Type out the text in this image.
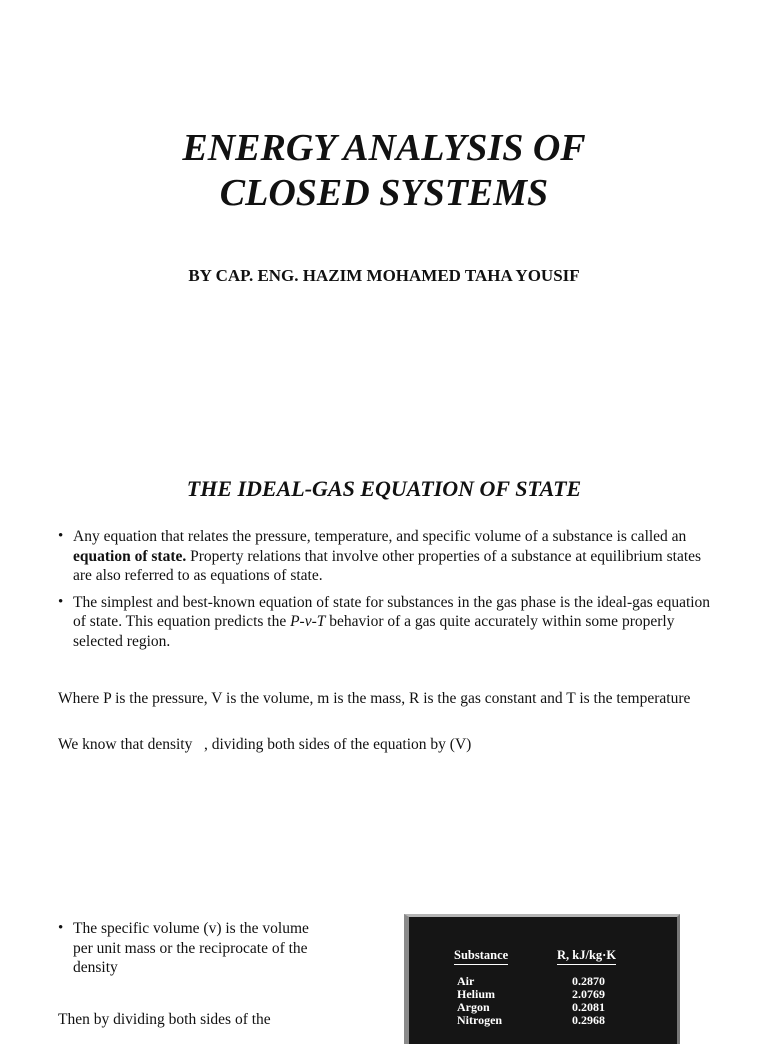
ENERGY ANALYSIS OF
CLOSED SYSTEMS
BY CAP. ENG. HAZIM MOHAMED TAHA YOUSIF
THE IDEAL-GAS EQUATION OF STATE
• Any equation that relates the pressure, temperature, and specific volume of a substance is called an equation of state. Property relations that involve other properties of a substance at equilibrium states are also referred to as equations of state.
• The simplest and best-known equation of state for substances in the gas phase is the ideal-gas equation of state. This equation predicts the P-v-T behavior of a gas quite accurately within some properly selected region.
Where P is the pressure, V is the volume, m is the mass, R is the gas constant and T is the temperature
We know that density   , dividing both sides of the equation by (V)
• The specific volume (v) is the volume per unit mass or the reciprocate of the density
Then by dividing both sides of the
Substance	R, kJ/kg·K
Air	0.2870
Helium	2.0769
Argon	0.2081
Nitrogen	0.2968
